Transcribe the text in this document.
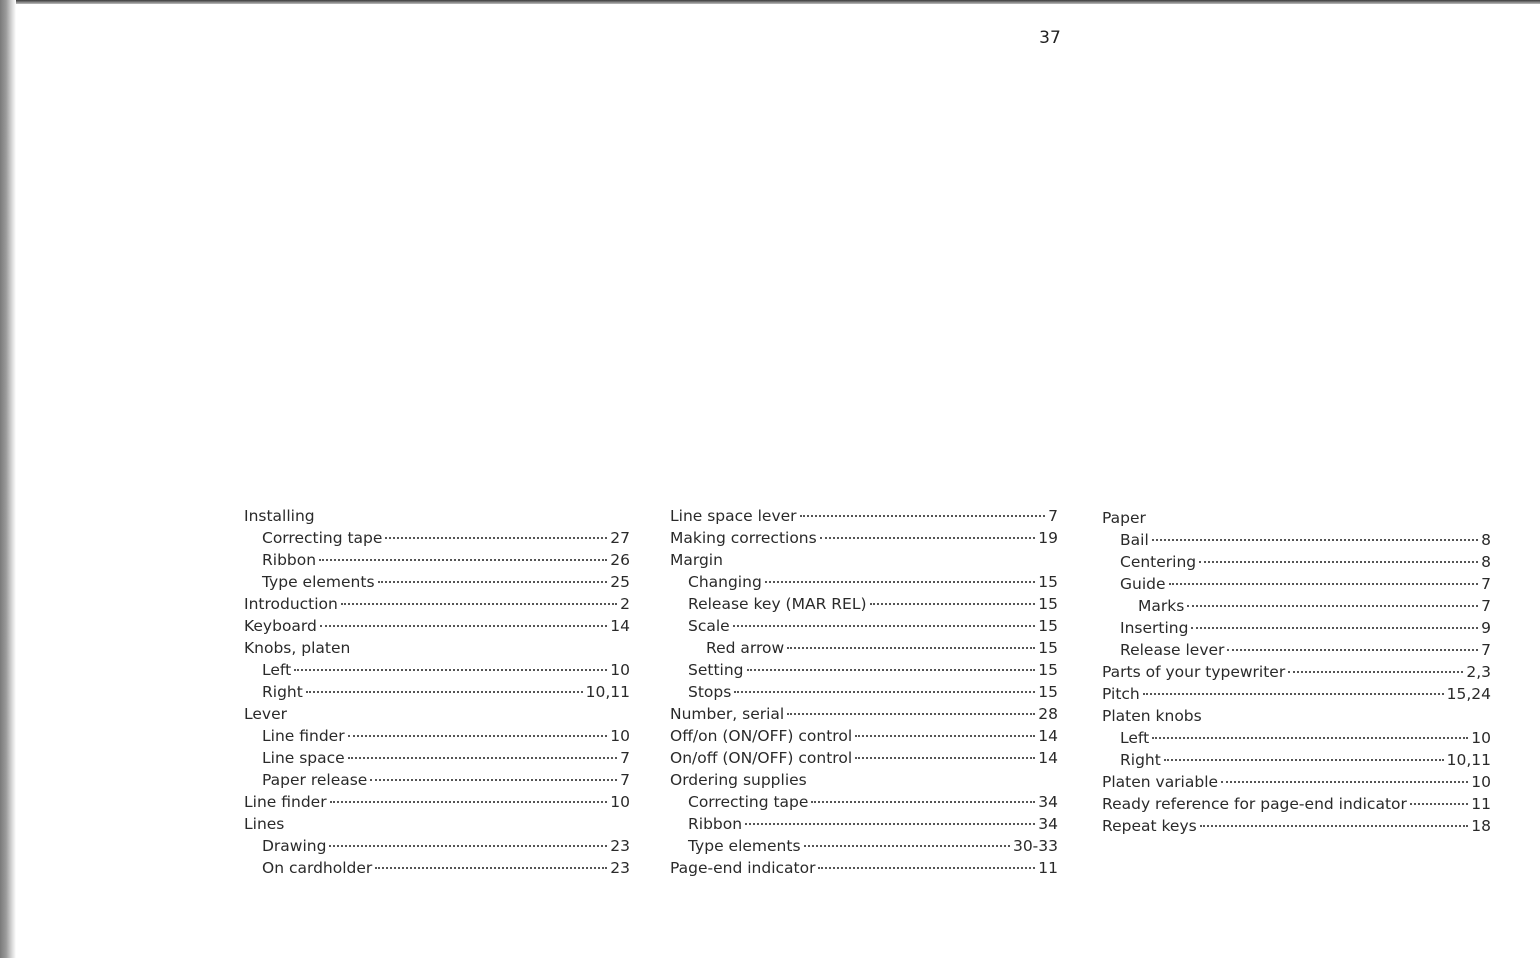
37
Installing
Correcting tape	27
Ribbon	26
Type elements	25
Introduction	2
Keyboard	14
Knobs, platen
Left	10
Right	10,11
Lever
Line finder	10
Line space	7
Paper release	7
Line finder	10
Lines
Drawing	23
On cardholder	23
Line space lever	7
Making corrections	19
Margin
Changing	15
Release key (MAR REL)	15
Scale	15
Red arrow	15
Setting	15
Stops	15
Number, serial	28
Off/on (ON/OFF) control	14
On/off (ON/OFF) control	14
Ordering supplies
Correcting tape	34
Ribbon	34
Type elements	30-33
Page-end indicator	11
Paper
Bail	8
Centering	8
Guide	7
Marks	7
Inserting	9
Release lever	7
Parts of your typewriter	2,3
Pitch	15,24
Platen knobs
Left	10
Right	10,11
Platen variable	10
Ready reference for page-end indicator	11
Repeat keys	18
